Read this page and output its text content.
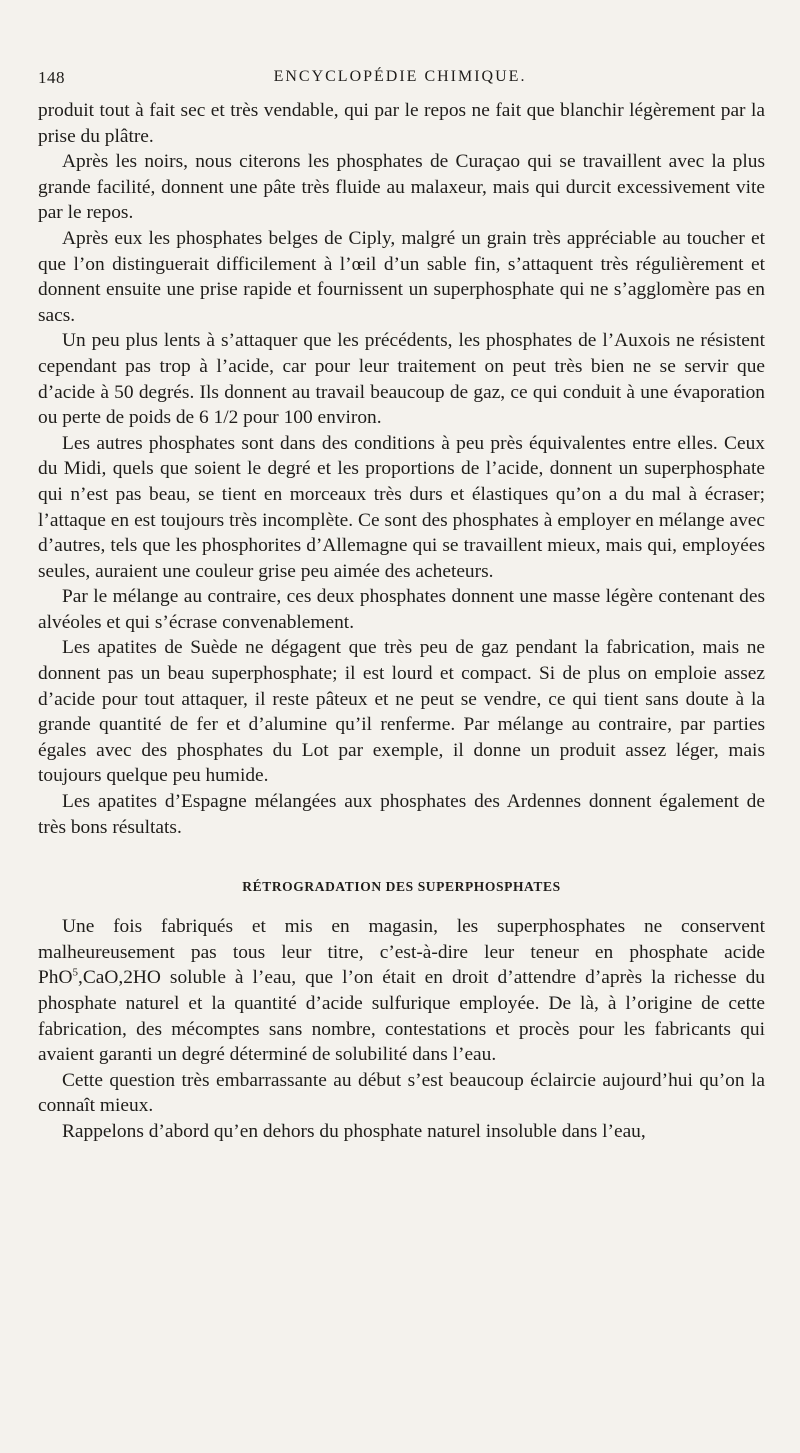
148	ENCYCLOPÉDIE CHIMIQUE.

produit tout à fait sec et très vendable, qui par le repos ne fait que blanchir légèrement par la prise du plâtre.

Après les noirs, nous citerons les phosphates de Curaçao qui se travaillent avec la plus grande facilité, donnent une pâte très fluide au malaxeur, mais qui durcit excessivement vite par le repos.

Après eux les phosphates belges de Ciply, malgré un grain très appréciable au toucher et que l’on distinguerait difficilement à l’œil d’un sable fin, s’attaquent très régulièrement et donnent ensuite une prise rapide et fournissent un superphosphate qui ne s’agglomère pas en sacs.

Un peu plus lents à s’attaquer que les précédents, les phosphates de l’Auxois ne résistent cependant pas trop à l’acide, car pour leur traitement on peut très bien ne se servir que d’acide à 50 degrés. Ils donnent au travail beaucoup de gaz, ce qui conduit à une évaporation ou perte de poids de 6 1/2 pour 100 environ.

Les autres phosphates sont dans des conditions à peu près équivalentes entre elles. Ceux du Midi, quels que soient le degré et les proportions de l’acide, donnent un superphosphate qui n’est pas beau, se tient en morceaux très durs et élastiques qu’on a du mal à écraser; l’attaque en est toujours très incomplète. Ce sont des phosphates à employer en mélange avec d’autres, tels que les phosphorites d’Allemagne qui se travaillent mieux, mais qui, employées seules, auraient une couleur grise peu aimée des acheteurs.

Par le mélange au contraire, ces deux phosphates donnent une masse légère contenant des alvéoles et qui s’écrase convenablement.

Les apatites de Suède ne dégagent que très peu de gaz pendant la fabrication, mais ne donnent pas un beau superphosphate; il est lourd et compact. Si de plus on emploie assez d’acide pour tout attaquer, il reste pâteux et ne peut se vendre, ce qui tient sans doute à la grande quantité de fer et d’alumine qu’il renferme. Par mélange au contraire, par parties égales avec des phosphates du Lot par exemple, il donne un produit assez léger, mais toujours quelque peu humide.

Les apatites d’Espagne mélangées aux phosphates des Ardennes donnent également de très bons résultats.

RÉTROGRADATION DES SUPERPHOSPHATES

Une fois fabriqués et mis en magasin, les superphosphates ne conservent malheureusement pas tous leur titre, c’est-à-dire leur teneur en phosphate acide PhO$^5$,CaO,2HO soluble à l’eau, que l’on était en droit d’attendre d’après la richesse du phosphate naturel et la quantité d’acide sulfurique employée. De là, à l’origine de cette fabrication, des mécomptes sans nombre, contestations et procès pour les fabricants qui avaient garanti un degré déterminé de solubilité dans l’eau.

Cette question très embarrassante au début s’est beaucoup éclaircie aujourd’hui qu’on la connaît mieux.

Rappelons d’abord qu’en dehors du phosphate naturel insoluble dans l’eau,
